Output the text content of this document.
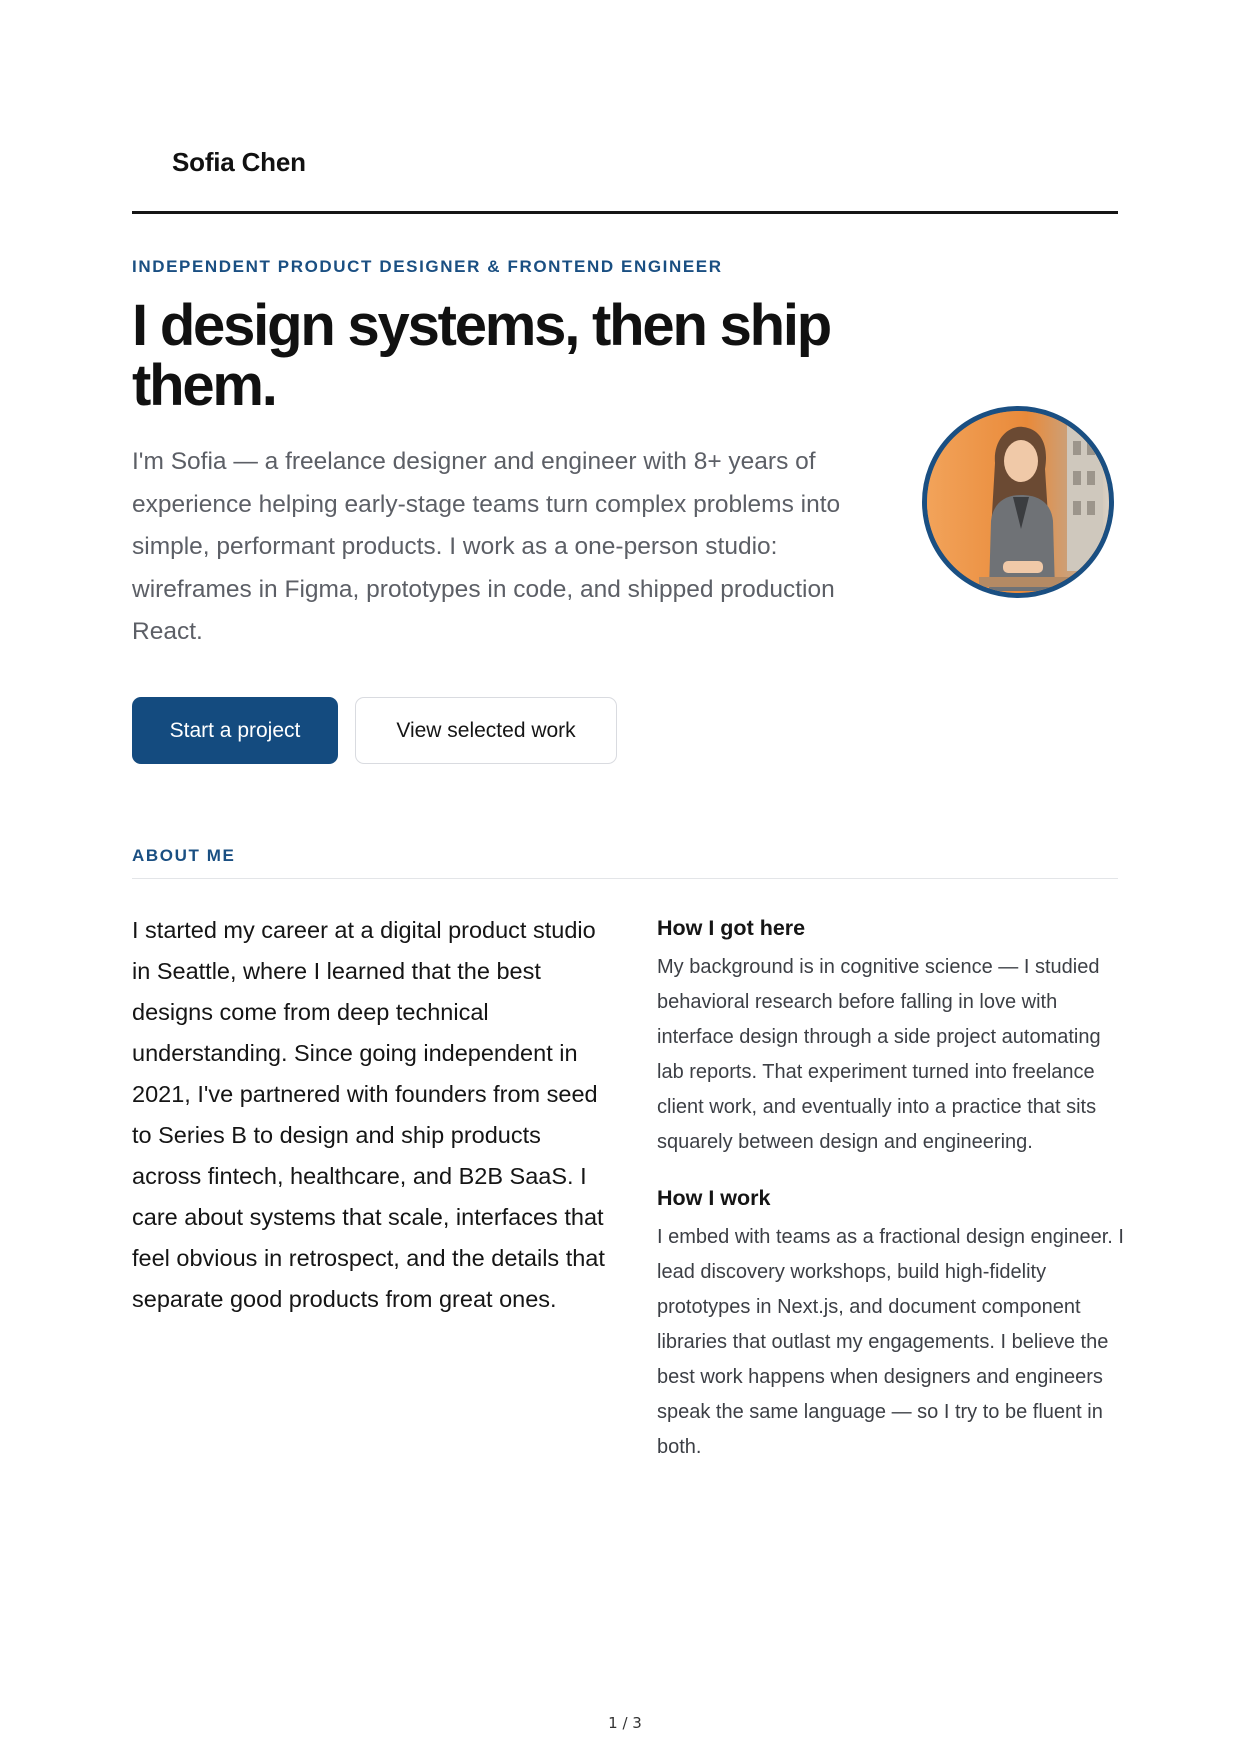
Sofia Chen
INDEPENDENT PRODUCT DESIGNER & FRONTEND ENGINEER
I design systems, then ship them.

I'm Sofia — a freelance designer and engineer with 8+ years of experience helping early-stage teams turn complex problems into simple, performant products. I work as a one-person studio: wireframes in Figma, prototypes in code, and shipped production React.

Start a project	View selected work
ABOUT ME

I started my career at a digital product studio in Seattle, where I learned that the best designs come from deep technical understanding. Since going independent in 2021, I've partnered with founders from seed to Series B to design and ship products across fintech, healthcare, and B2B SaaS. I care about systems that scale, interfaces that feel obvious in retrospect, and the details that separate good products from great ones.

How I got here

My background is in cognitive science — I studied behavioral research before falling in love with interface design through a side project automating lab reports. That experiment turned into freelance client work, and eventually into a practice that sits squarely between design and engineering.

How I work

I embed with teams as a fractional design engineer. I lead discovery workshops, build high-fidelity prototypes in Next.js, and document component libraries that outlast my engagements. I believe the best work happens when designers and engineers speak the same language — so I try to be fluent in both.

1 / 3
